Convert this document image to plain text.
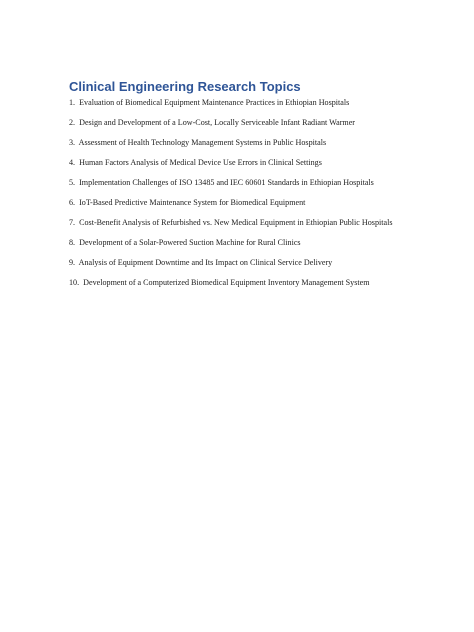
Clinical Engineering Research Topics
1. Evaluation of Biomedical Equipment Maintenance Practices in Ethiopian Hospitals
2. Design and Development of a Low-Cost, Locally Serviceable Infant Radiant Warmer
3. Assessment of Health Technology Management Systems in Public Hospitals
4. Human Factors Analysis of Medical Device Use Errors in Clinical Settings
5. Implementation Challenges of ISO 13485 and IEC 60601 Standards in Ethiopian Hospitals
6. IoT-Based Predictive Maintenance System for Biomedical Equipment
7. Cost-Benefit Analysis of Refurbished vs. New Medical Equipment in Ethiopian Public Hospitals
8. Development of a Solar-Powered Suction Machine for Rural Clinics
9. Analysis of Equipment Downtime and Its Impact on Clinical Service Delivery
10. Development of a Computerized Biomedical Equipment Inventory Management System
